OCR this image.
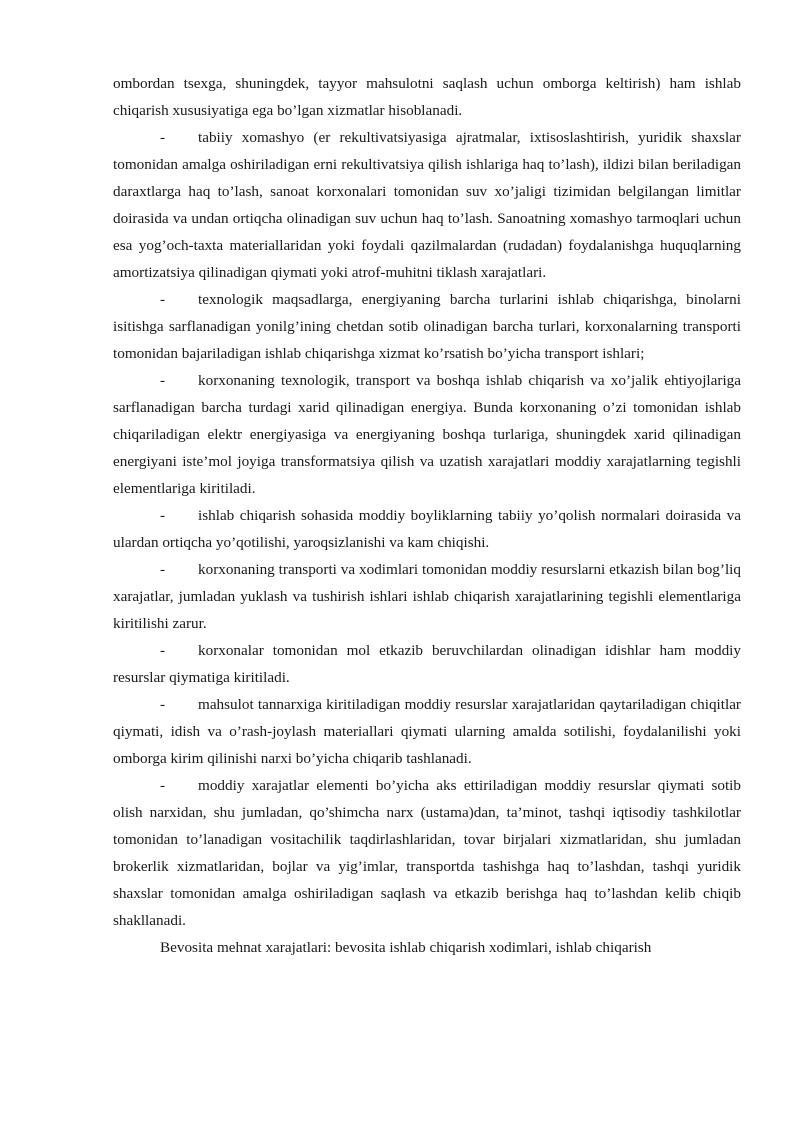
ombordan tsexga, shuningdek, tayyor mahsulotni saqlash uchun omborga keltirish) ham ishlab chiqarish xususiyatiga ega bo’lgan xizmatlar hisoblanadi.

- tabiiy xomashyo (er rekultivatsiyasiga ajratmalar, ixtisoslashtirish, yuridik shaxslar tomonidan amalga oshiriladigan erni rekultivatsiya qilish ishlariga haq to’lash), ildizi bilan beriladigan daraxtlarga haq to’lash, sanoat korxonalari tomonidan suv xo’jaligi tizimidan belgilangan limitlar doirasida va undan ortiqcha olinadigan suv uchun haq to’lash. Sanoatning xomashyo tarmoqlari uchun esa yog’och-taxta materiallaridan yoki foydali qazilmalardan (rudadan) foydalanishga huquqlarning amortizatsiya qilinadigan qiymati yoki atrof-muhitni tiklash xarajatlari.

- texnologik maqsadlarga, energiyaning barcha turlarini ishlab chiqarishga, binolarni isitishga sarflanadigan yonilg’ining chetdan sotib olinadigan barcha turlari, korxonalarning transporti tomonidan bajariladigan ishlab chiqarishga xizmat ko’rsatish bo’yicha transport ishlari;

- korxonaning texnologik, transport va boshqa ishlab chiqarish va xo’jalik ehtiyojlariga sarflanadigan barcha turdagi xarid qilinadigan energiya. Bunda korxonaning o’zi tomonidan ishlab chiqariladigan elektr energiyasiga va energiyaning boshqa turlariga, shuningdek xarid qilinadigan energiyani iste’mol joyiga transformatsiya qilish va uzatish xarajatlari moddiy xarajatlarning tegishli elementlariga kiritiladi.

- ishlab chiqarish sohasida moddiy boyliklarning tabiiy yo’qolish normalari doirasida va ulardan ortiqcha yo’qotilishi, yaroqsizlanishi va kam chiqishi.

- korxonaning transporti va xodimlari tomonidan moddiy resurslarni etkazish bilan bog’liq xarajatlar, jumladan yuklash va tushirish ishlari ishlab chiqarish xarajatlarining tegishli elementlariga kiritilishi zarur.

- korxonalar tomonidan mol etkazib beruvchilardan olinadigan idishlar ham moddiy resurslar qiymatiga kiritiladi.

- mahsulot tannarxiga kiritiladigan moddiy resurslar xarajatlaridan qaytariladigan chiqitlar qiymati, idish va o’rash-joylash materiallari qiymati ularning amalda sotilishi, foydalanilishi yoki omborga kirim qilinishi narxi bo’yicha chiqarib tashlanadi.

- moddiy xarajatlar elementi bo’yicha aks ettiriladigan moddiy resurslar qiymati sotib olish narxidan, shu jumladan, qo’shimcha narx (ustama)dan, ta’minot, tashqi iqtisodiy tashkilotlar tomonidan to’lanadigan vositachilik taqdirlashlaridan, tovar birjalari xizmatlaridan, shu jumladan brokerlik xizmatlaridan, bojlar va yig’imlar, transportda tashishga haq to’lashdan, tashqi yuridik shaxslar tomonidan amalga oshiriladigan saqlash va etkazib berishga haq to’lashdan kelib chiqib shakllanadi.

Bevosita mehnat xarajatlari: bevosita ishlab chiqarish xodimlari, ishlab chiqarish
